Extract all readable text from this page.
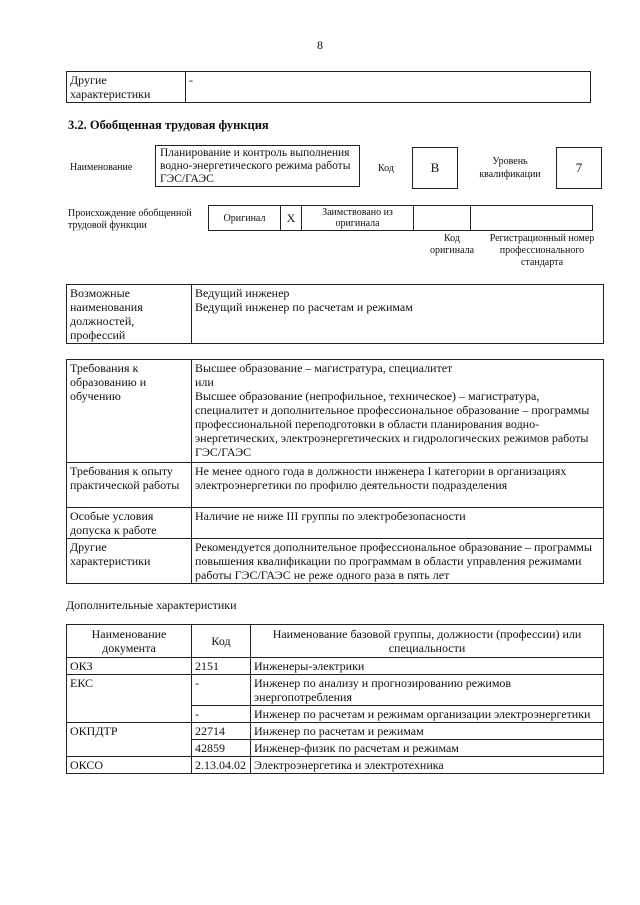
8
Другие характеристики	-
3.2. Обобщенная трудовая функция
Наименование
Планирование и контроль выполнения водно-энергетического режима работы ГЭС/ГАЭС
Код	В	Уровень квалификации	7
Происхождение обобщенной трудовой функции
Оригинал	X	Заимствовано из оригинала		
Код оригинала
Регистрационный номер профессионального стандарта
Возможные наименования должностей, профессий	
Ведущий инженер
Ведущий инженер по расчетам и режимам
Требования к образованию и обучению	Высшее образование – магистратура, специалитет
или
Высшее образование (непрофильное, техническое) – магистратура, специалитет и дополнительное профессиональное образование – программы профессиональной переподготовки в области планирования водно-энергетических, электроэнергетических и гидрологических режимов работы ГЭС/ГАЭС
Требования к опыту практической работы	Не менее одного года в должности инженера I категории в организациях электроэнергетики по профилю деятельности подразделения
Особые условия допуска к работе	Наличие не ниже III группы по электробезопасности
Другие характеристики	Рекомендуется дополнительное профессиональное образование – программы повышения квалификации по программам в области управления режимами работы ГЭС/ГАЭС не реже одного раза в пять лет
Дополнительные характеристики
Наименование документа	Код	Наименование базовой группы, должности (профессии) или специальности
ОКЗ	2151	Инженеры-электрики
ЕКС	-	Инженер по анализу и прогнозированию режимов энергопотребления
	-	Инженер по расчетам и режимам организации электроэнергетики
ОКПДТР	22714	Инженер по расчетам и режимам
	42859	Инженер-физик по расчетам и режимам
ОКСО	2.13.04.02	Электроэнергетика и электротехника
